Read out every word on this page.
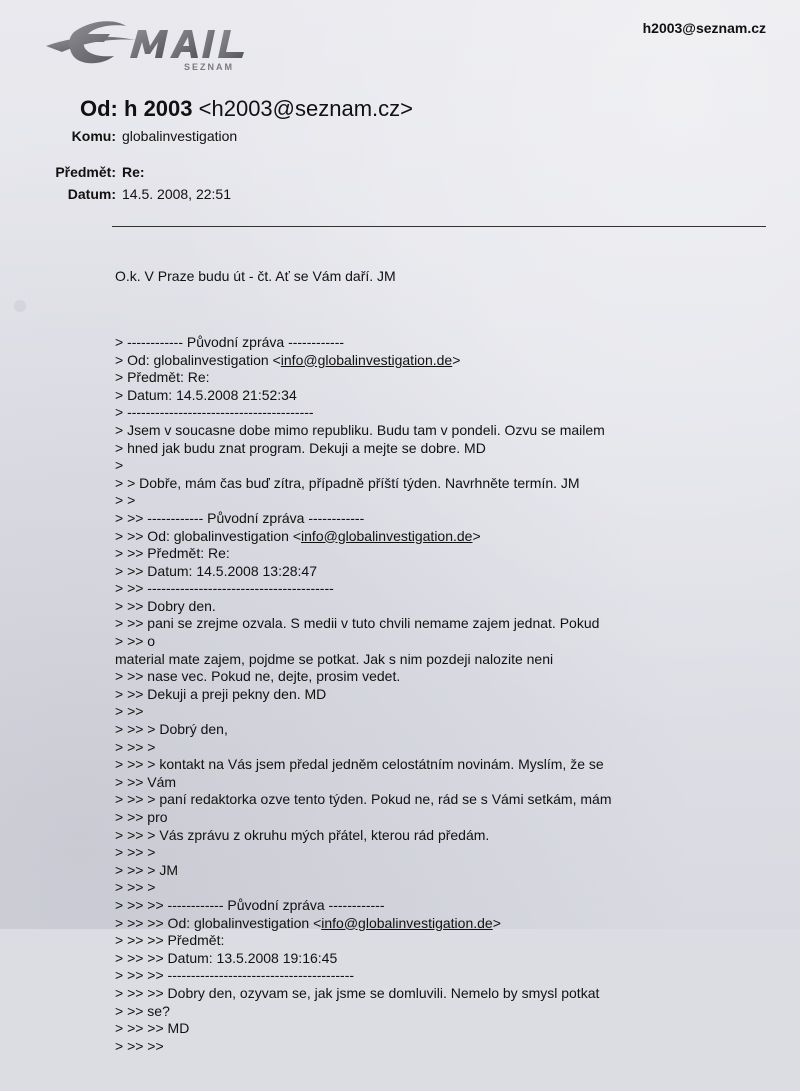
SEZNAM
h2003@seznam.cz
Od: h 2003 <h2003@seznam.cz>
Komu: globalinvestigation
Předmět: Re:
Datum: 14.5. 2008, 22:51

O.k. V Praze budu út - čt. Ať se Vám daří. JM

> ------------ Původní zpráva ------------
> Od: globalinvestigation <info@globalinvestigation.de>
> Předmět: Re:
> Datum: 14.5.2008 21:52:34
> ----------------------------------------
> Jsem v soucasne dobe mimo republiku. Budu tam v pondeli. Ozvu se mailem
> hned jak budu znat program. Dekuji a mejte se dobre. MD
>
> > Dobře, mám čas buď zítra, případně příští týden. Navrhněte termín. JM
> >
> >> ------------ Původní zpráva ------------
> >> Od: globalinvestigation <info@globalinvestigation.de>
> >> Předmět: Re:
> >> Datum: 14.5.2008 13:28:47
> >> ----------------------------------------
> >> Dobry den.
> >> pani se zrejme ozvala. S medii v tuto chvili nemame zajem jednat. Pokud
> >> o
material mate zajem, pojdme se potkat. Jak s nim pozdeji nalozite neni
> >> nase vec. Pokud ne, dejte, prosim vedet.
> >> Dekuji a preji pekny den. MD
> >>
> >> > Dobrý den,
> >> >
> >> > kontakt na Vás jsem předal jedněm celostátním novinám. Myslím, že se
> >> Vám
> >> > paní redaktorka ozve tento týden. Pokud ne, rád se s Vámi setkám, mám
> >> pro
> >> > Vás zprávu z okruhu mých přátel, kterou rád předám.
> >> >
> >> > JM
> >> >
> >> >> ------------ Původní zpráva ------------
> >> >> Od: globalinvestigation <info@globalinvestigation.de>
> >> >> Předmět:
> >> >> Datum: 13.5.2008 19:16:45
> >> >> ----------------------------------------
> >> >> Dobry den, ozyvam se, jak jsme se domluvili. Nemelo by smysl potkat
> >> se?
> >> >> MD
> >> >>
